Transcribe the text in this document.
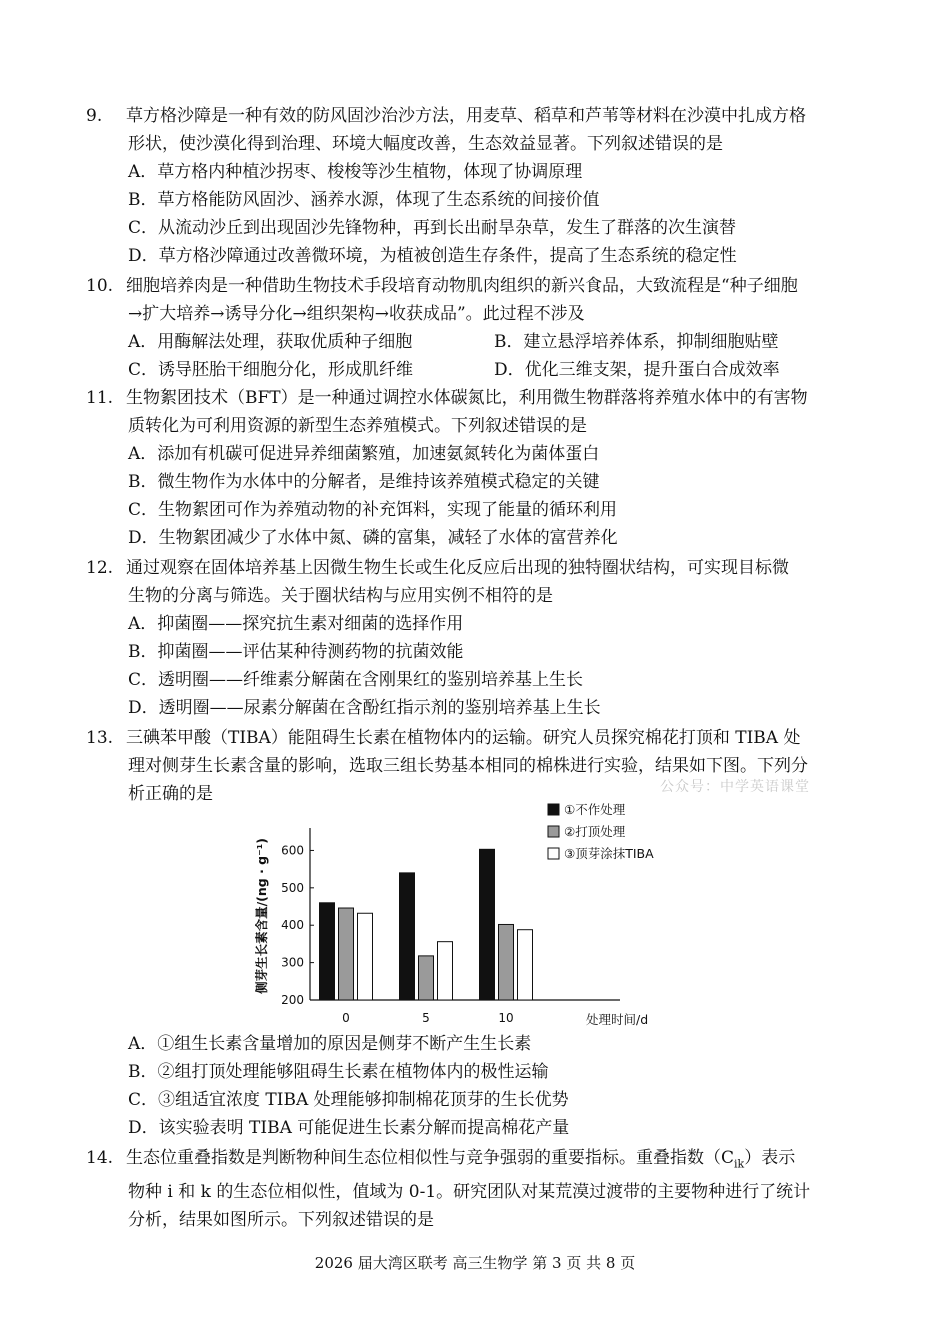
9. 草方格沙障是一种有效的防风固沙治沙方法，用麦草、稻草和芦苇等材料在沙漠中扎成方格
形状，使沙漠化得到治理、环境大幅度改善，生态效益显著。下列叙述错误的是
A．草方格内种植沙拐枣、梭梭等沙生植物，体现了协调原理
B．草方格能防风固沙、涵养水源，体现了生态系统的间接价值
C．从流动沙丘到出现固沙先锋物种，再到长出耐旱杂草，发生了群落的次生演替
D．草方格沙障通过改善微环境，为植被创造生存条件，提高了生态系统的稳定性
10. 细胞培养肉是一种借助生物技术手段培育动物肌肉组织的新兴食品，大致流程是“种子细胞
→扩大培养→诱导分化→组织架构→收获成品”。此过程不涉及
A．用酶解法处理，获取优质种子细胞	B．建立悬浮培养体系，抑制细胞贴壁
C．诱导胚胎干细胞分化，形成肌纤维	D．优化三维支架，提升蛋白合成效率
11. 生物絮团技术（BFT）是一种通过调控水体碳氮比，利用微生物群落将养殖水体中的有害物
质转化为可利用资源的新型生态养殖模式。下列叙述错误的是
A．添加有机碳可促进异养细菌繁殖，加速氨氮转化为菌体蛋白
B．微生物作为水体中的分解者，是维持该养殖模式稳定的关键
C．生物絮团可作为养殖动物的补充饵料，实现了能量的循环利用
D．生物絮团减少了水体中氮、磷的富集，减轻了水体的富营养化
12. 通过观察在固体培养基上因微生物生长或生化反应后出现的独特圈状结构，可实现目标微
生物的分离与筛选。关于圈状结构与应用实例不相符的是
A．抑菌圈——探究抗生素对细菌的选择作用
B．抑菌圈——评估某种待测药物的抗菌效能
C．透明圈——纤维素分解菌在含刚果红的鉴别培养基上生长
D．透明圈——尿素分解菌在含酚红指示剂的鉴别培养基上生长
13. 三碘苯甲酸（TIBA）能阻碍生长素在植物体内的运输。研究人员探究棉花打顶和 TIBA 处
理对侧芽生长素含量的影响，选取三组长势基本相同的棉株进行实验，结果如下图。下列分
析正确的是	公众号：中学英语课堂
200
300
400
500
600
0	5	10
①不作处理
②打顶处理
③顶芽涂抹TIBA
侧芽生长素含量/(ng · g⁻¹)
处理时间/d
A．①组生长素含量增加的原因是侧芽不断产生生长素
B．②组打顶处理能够阻碍生长素在植物体内的极性运输
C．③组适宜浓度 TIBA 处理能够抑制棉花顶芽的生长优势
D．该实验表明 TIBA 可能促进生长素分解而提高棉花产量
14. 生态位重叠指数是判断物种间生态位相似性与竞争强弱的重要指标。重叠指数$(C_{ik})$表示
物种 i 和 k 的生态位相似性，值域为 0-1。研究团队对某荒漠过渡带的主要物种进行了统计
分析，结果如图所示。下列叙述错误的是
2026 届大湾区联考 高三生物学 第 3 页 共 8 页
